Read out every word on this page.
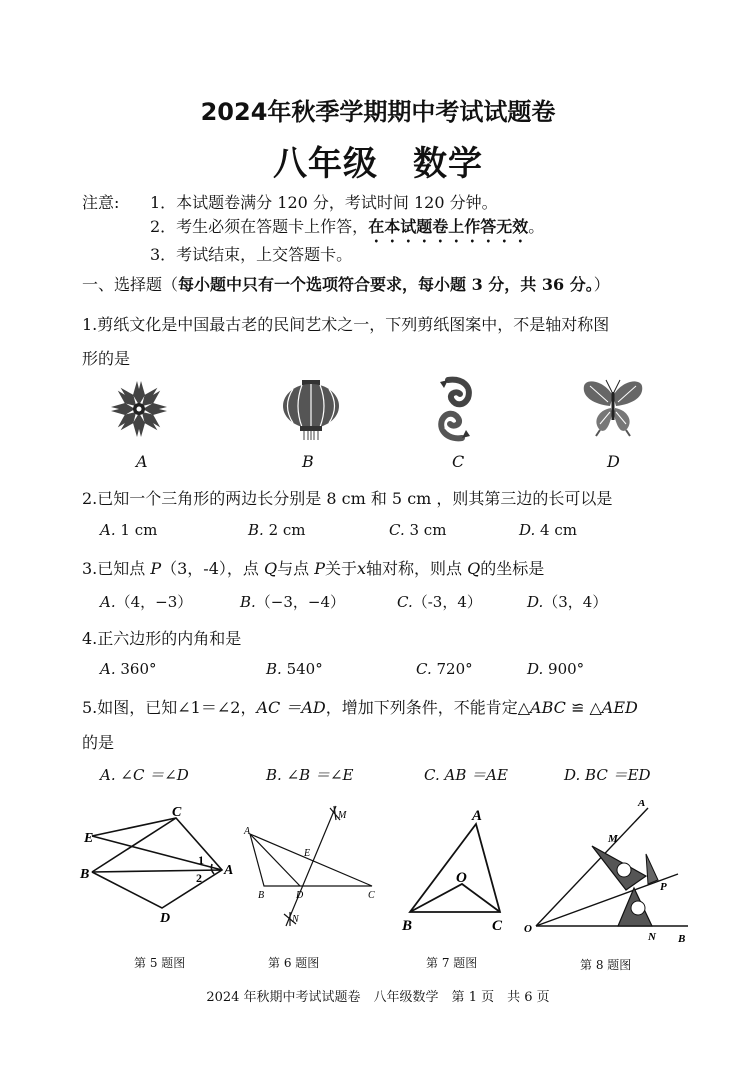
2024年秋季学期期中考试试题卷
八年级　数学
注意: 1．本试题卷满分 120 分，考试时间 120 分钟。
2．考生必须在答题卡上作答，在本试题卷上作答无效。
3．考试结束，上交答题卡。
一、选择题（每小题中只有一个选项符合要求，每小题 3 分，共 36 分。）
1.剪纸文化是中国最古老的民间艺术之一，下列剪纸图案中，不是轴对称图
形的是
A	B	C	D
2.已知一个三角形的两边长分别是 8 cm 和 5 cm ，则其第三边的长可以是
A. 1 cm	B. 2 cm	C. 3 cm	D. 4 cm
3.已知点 P（3，-4），点 Q与点 P关于x轴对称，则点 Q的坐标是
A.（4，−3）	B.（−3，−4）	C.（-3，4）	D.（3，4）
4.正六边形的内角和是
A. 360°	B. 540°	C. 720°	D. 900°
5.如图，已知∠1＝∠2，AC ＝AD，增加下列条件，不能肯定△ABC ≌ △AED
的是
A. ∠C ＝∠D	B. ∠B ＝∠E	C. AB ＝AE	D. BC ＝ED
E
C
B	A
D
1
2
第 5 题图
A
M
E
B	D	C
N
第 6 题图
A
O
B	C
第 7 题图
A
M
P
O
N B
第 8 题图
2024 年秋期中考试试题卷　八年级数学　第 1 页　共 6 页
